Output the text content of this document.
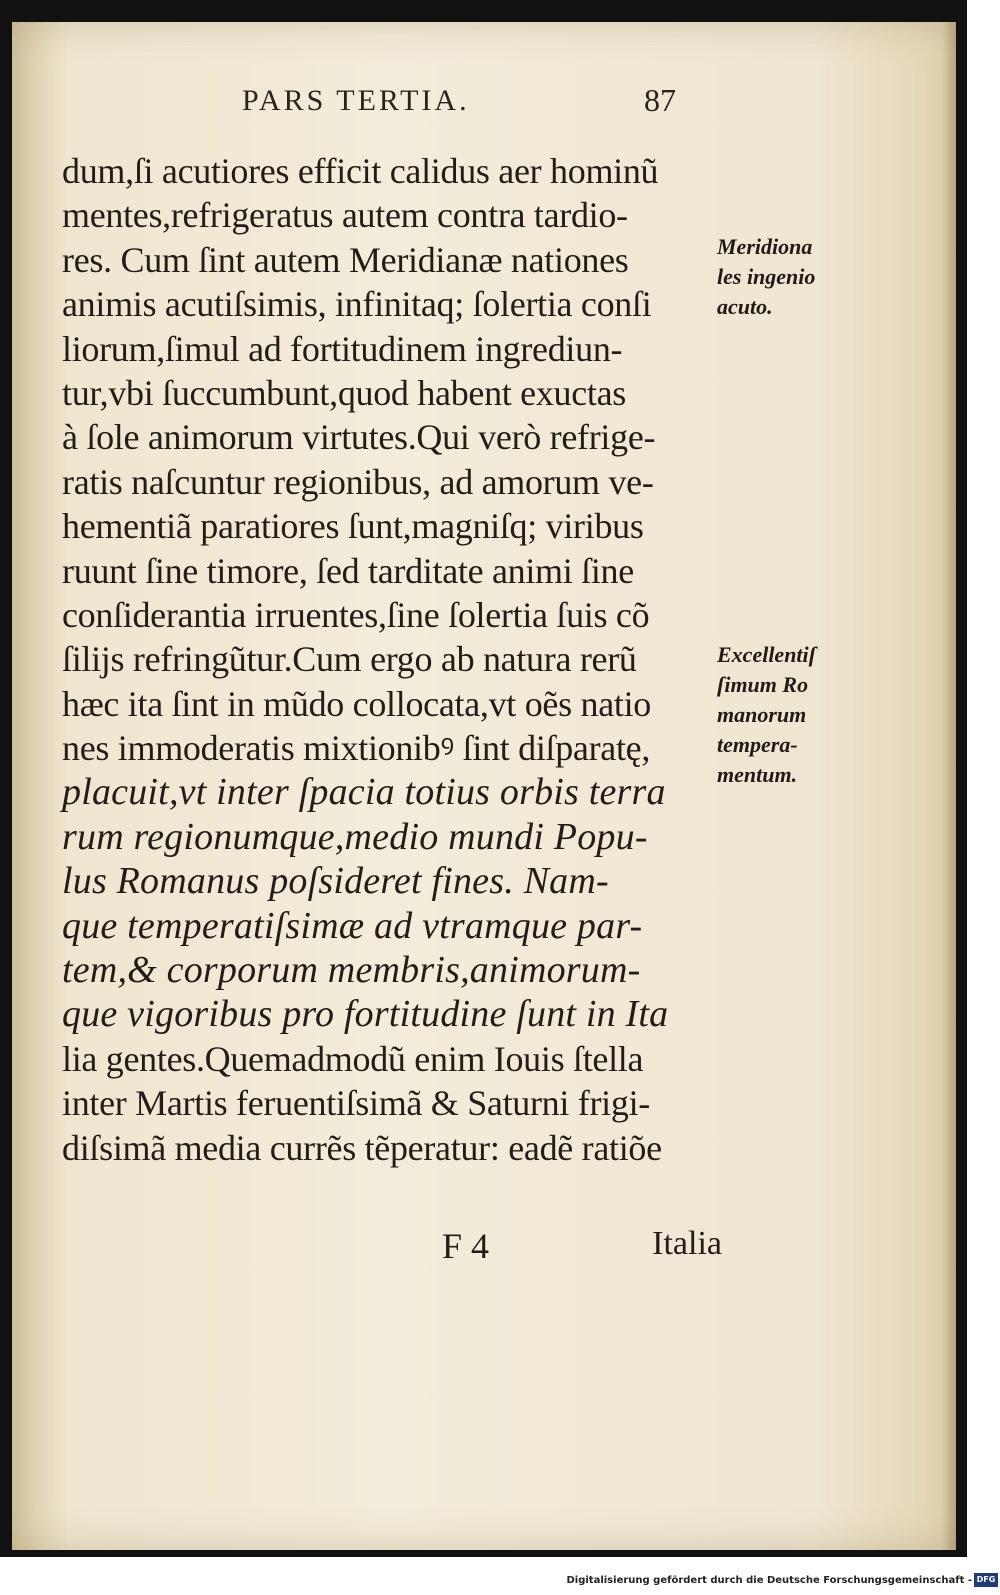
PARS TERTIA.	87
dum,ſi acutiores efficit calidus aer hominũ
mentes,refrigeratus autem contra tardio-
res. Cum ſint autem Meridianæ nationes
animis acutiſsimis, infinitaq; ſolertia conſi
liorum,ſimul ad fortitudinem ingrediun-
tur,vbi ſuccumbunt,quod habent exuctas
à ſole animorum virtutes.Qui verò refrige-
ratis naſcuntur regionibus, ad amorum ve-
hementiã paratiores ſunt,magniſq; viribus
ruunt ſine timore, ſed tarditate animi ſine
conſiderantia irruentes,ſine ſolertia ſuis cõ
ſilijs refringũtur.Cum ergo ab natura rerũ
hæc ita ſint in mũdo collocata,vt oẽs natio
nes immoderatis mixtionibꝰ ſint diſparatę,
placuit,vt inter ſpacia totius orbis terra
rum regionumque,medio mundi Popu-
lus Romanus poſsideret fines. Nam-
que temperatiſsimæ ad vtramque par-
tem,& corporum membris,animorum-
que vigoribus pro fortitudine ſunt in Ita
lia gentes.Quemadmodũ enim Iouis ſtella
inter Martis feruentiſsimã & Saturni frigi-
diſsimã media currẽs tẽperatur: eadẽ ratiõe
F 4	Italia
Meridiona
les ingenio
acuto.
Excellentiſ
ſimum Ro
manorum
tempera-
mentum.
Digitalisierung gefördert durch die Deutsche Forschungsgemeinschaft - DFG
